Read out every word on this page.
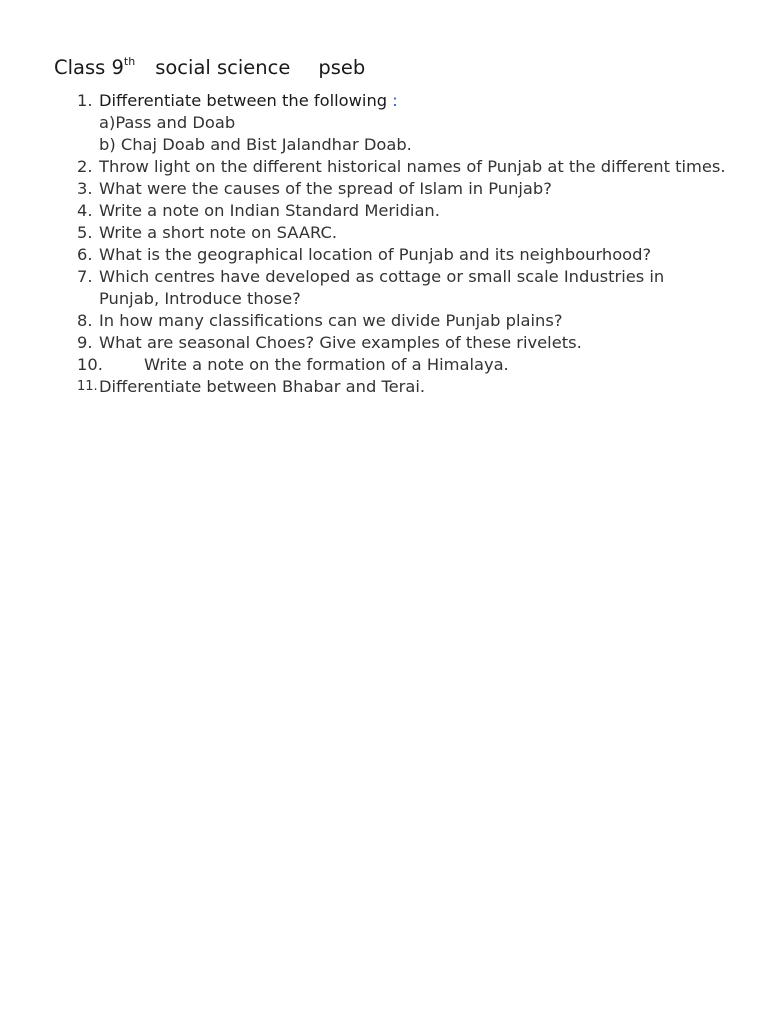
Class 9th social science pseb
1. Differentiate between the following :
a)Pass and Doab
b) Chaj Doab and Bist Jalandhar Doab.
2. Throw light on the different historical names of Punjab at the different times.
3. What were the causes of the spread of Islam in Punjab?
4. Write a note on Indian Standard Meridian.
5. Write a short note on SAARC.
6. What is the geographical location of Punjab and its neighbourhood?
7. Which centres have developed as cottage or small scale Industries in Punjab, Introduce those?
8. In how many classifications can we divide Punjab plains?
9. What are seasonal Choes? Give examples of these rivelets.
10.	Write a note on the formation of a Himalaya.
11. Differentiate between Bhabar and Terai.
